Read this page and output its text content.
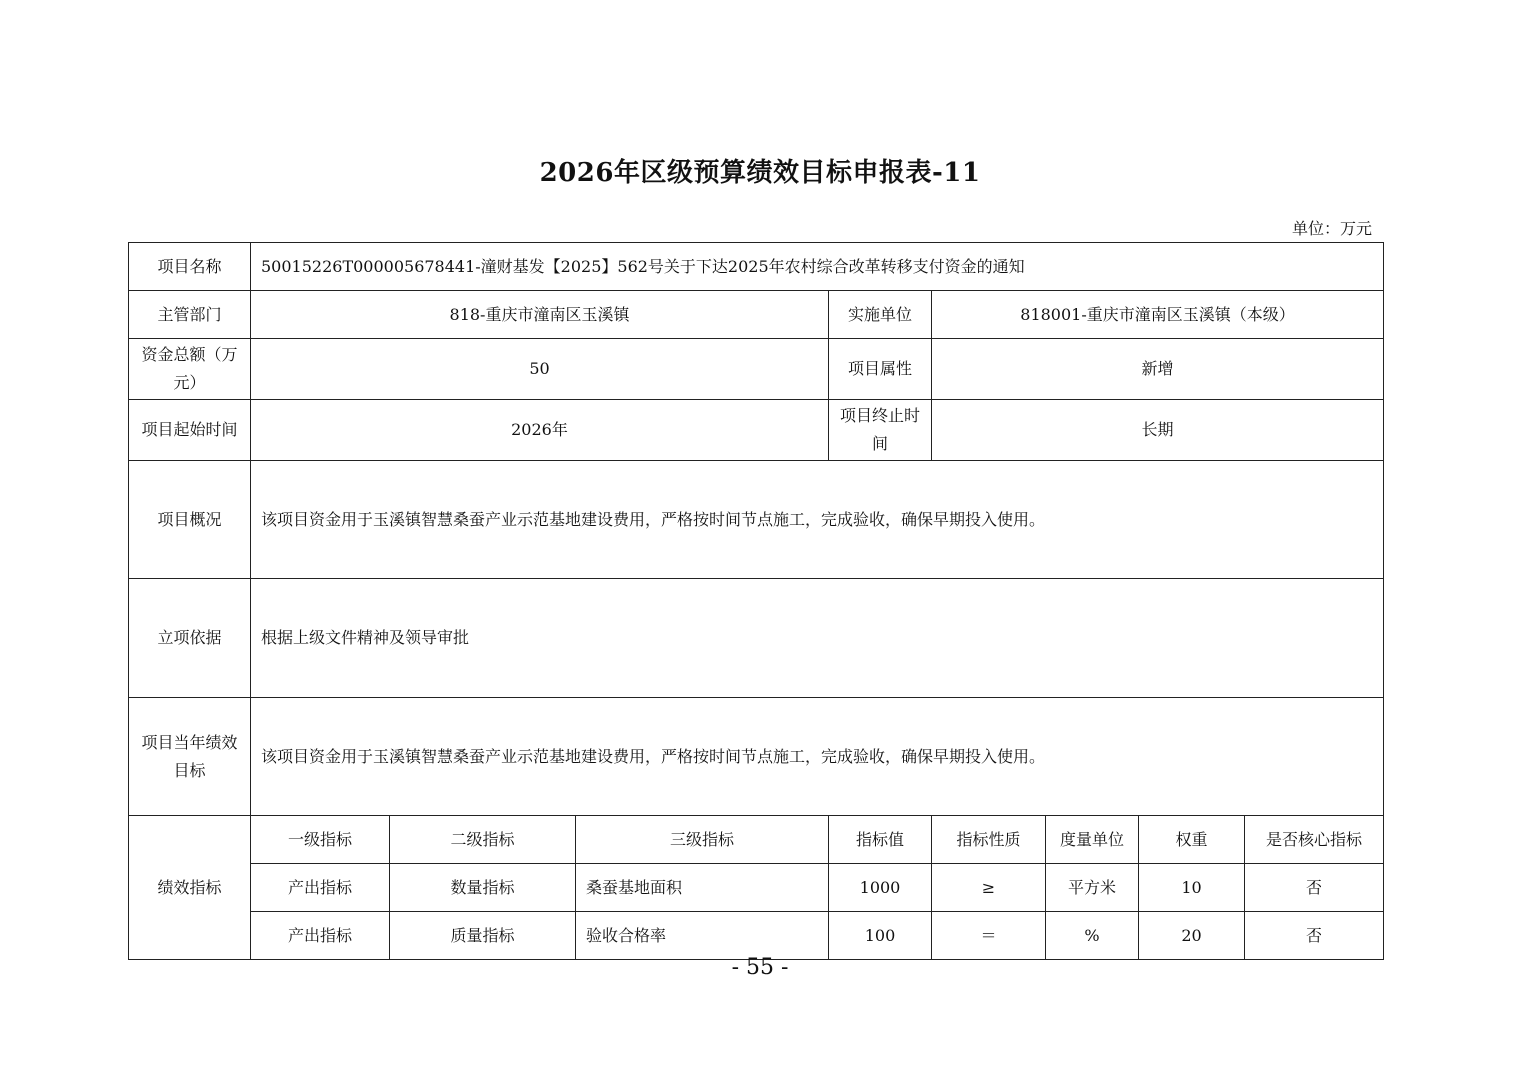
2026年区级预算绩效目标申报表-11
单位：万元
项目名称	50015226T000005678441-潼财基发【2025】562号关于下达2025年农村综合改革转移支付资金的通知							
主管部门	818-重庆市潼南区玉溪镇			实施单位	818001-重庆市潼南区玉溪镇（本级）			
资金总额（万元）	50			项目属性	新增			
项目起始时间	2026年			项目终止时间	长期			
项目概况	该项目资金用于玉溪镇智慧桑蚕产业示范基地建设费用，严格按时间节点施工，完成验收，确保早期投入使用。							
立项依据	根据上级文件精神及领导审批							
项目当年绩效目标	该项目资金用于玉溪镇智慧桑蚕产业示范基地建设费用，严格按时间节点施工，完成验收，确保早期投入使用。							
绩效指标	一级指标	二级指标	三级指标	指标值	指标性质	度量单位	权重	是否核心指标
	产出指标	数量指标	桑蚕基地面积	1000	≥	平方米	10	否
	产出指标	质量指标	验收合格率	100	＝	%	20	否
- 55 -
